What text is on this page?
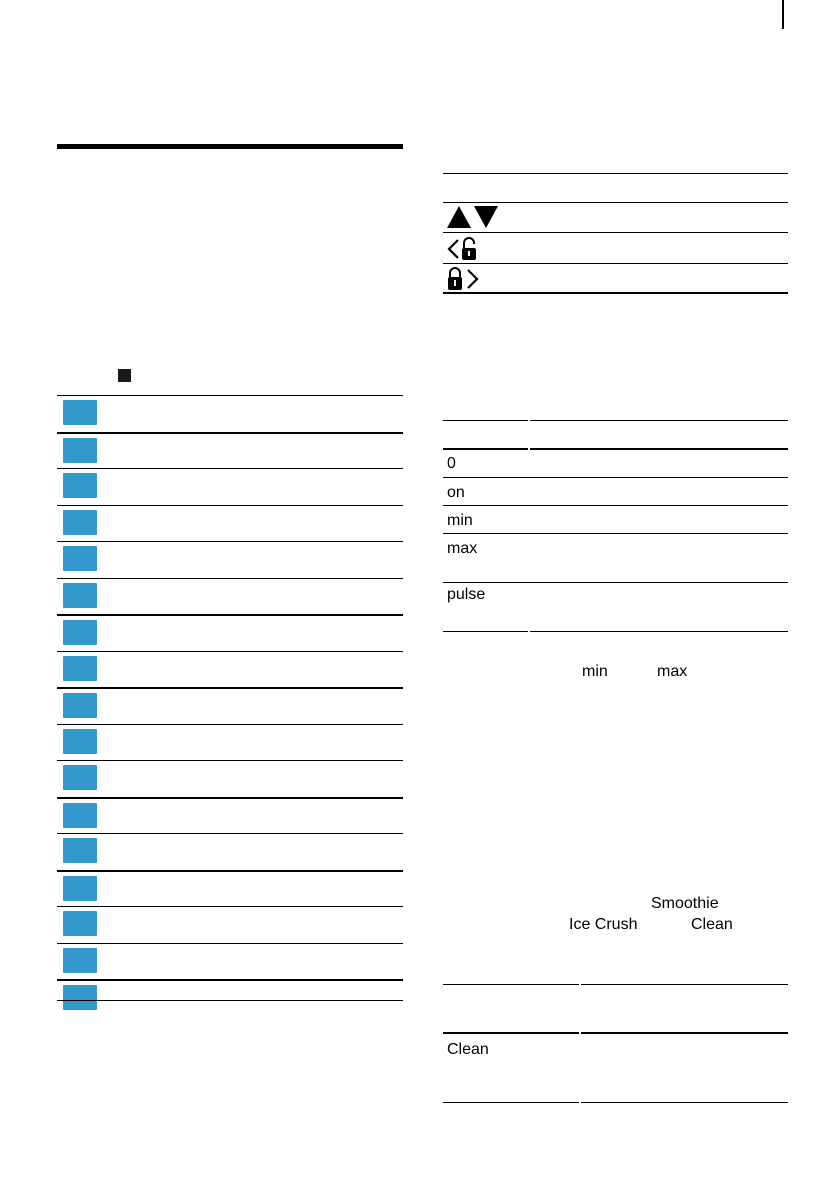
0
on
min
max
pulse
min	max
Smoothie
Ice Crush	Clean
Clean
